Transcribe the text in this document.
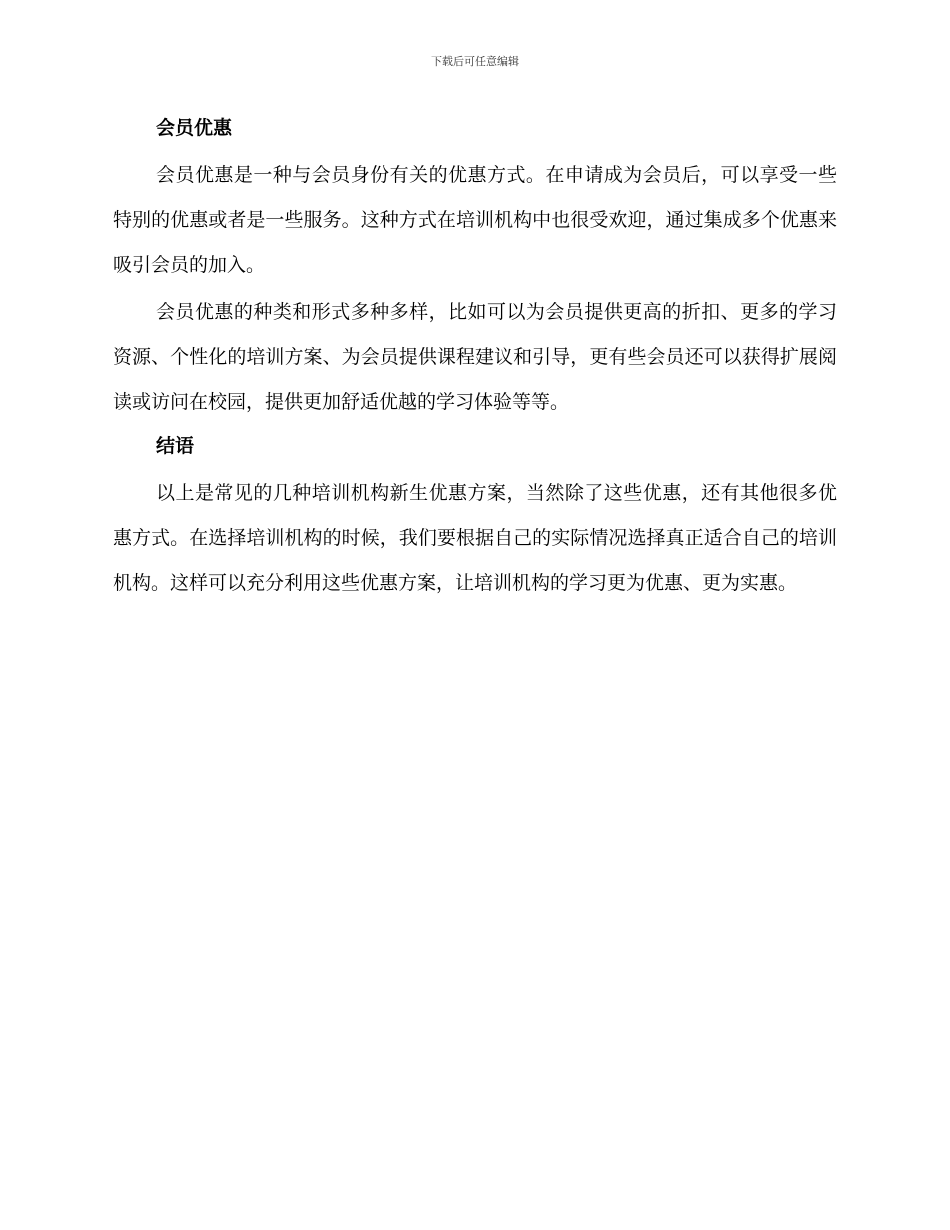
下载后可任意编辑
会员优惠

会员优惠是一种与会员身份有关的优惠方式。在申请成为会员后，可以享受一些特别的优惠或者是一些服务。这种方式在培训机构中也很受欢迎，通过集成多个优惠来吸引会员的加入。

会员优惠的种类和形式多种多样，比如可以为会员提供更高的折扣、更多的学习资源、个性化的培训方案、为会员提供课程建议和引导，更有些会员还可以获得扩展阅读或访问在校园，提供更加舒适优越的学习体验等等。

结语

以上是常见的几种培训机构新生优惠方案，当然除了这些优惠，还有其他很多优惠方式。在选择培训机构的时候，我们要根据自己的实际情况选择真正适合自己的培训机构。这样可以充分利用这些优惠方案，让培训机构的学习更为优惠、更为实惠。
